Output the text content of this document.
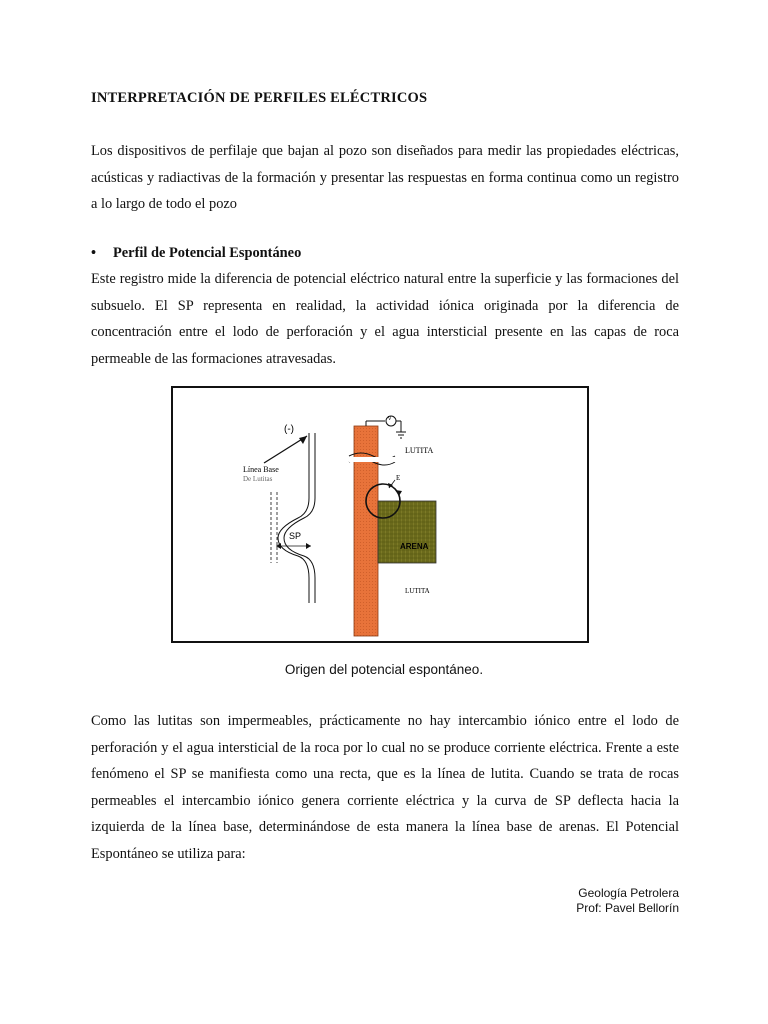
INTERPRETACIÓN DE PERFILES ELÉCTRICOS
Los dispositivos de perfilaje que bajan al pozo son diseñados para medir las propiedades eléctricas, acústicas y radiactivas de la formación y presentar las respuestas en forma continua como un registro a lo largo de todo el pozo
• Perfil de Potencial Espontáneo
Este registro mide la diferencia de potencial eléctrico natural entre la superficie y las formaciones del subsuelo. El SP representa en realidad, la actividad iónica originada por la diferencia de concentración entre el lodo de perforación y el agua intersticial presente en las capas de roca permeable de las formaciones atravesadas.
(-)
Línea Base
De Lutitas
SP
V
LUTITA
ARENA
LUTITA
E
Origen del potencial espontáneo.
Como las lutitas son impermeables, prácticamente no hay intercambio iónico entre el lodo de perforación y el agua intersticial de la roca por lo cual no se produce corriente eléctrica. Frente a este fenómeno el SP se manifiesta como una recta, que es la línea de lutita. Cuando se trata de rocas permeables el intercambio iónico genera corriente eléctrica y la curva de SP deflecta hacia la izquierda de la línea base, determinándose de esta manera la línea base de arenas. El Potencial Espontáneo se utiliza para:
Geología Petrolera
Prof: Pavel Bellorín
